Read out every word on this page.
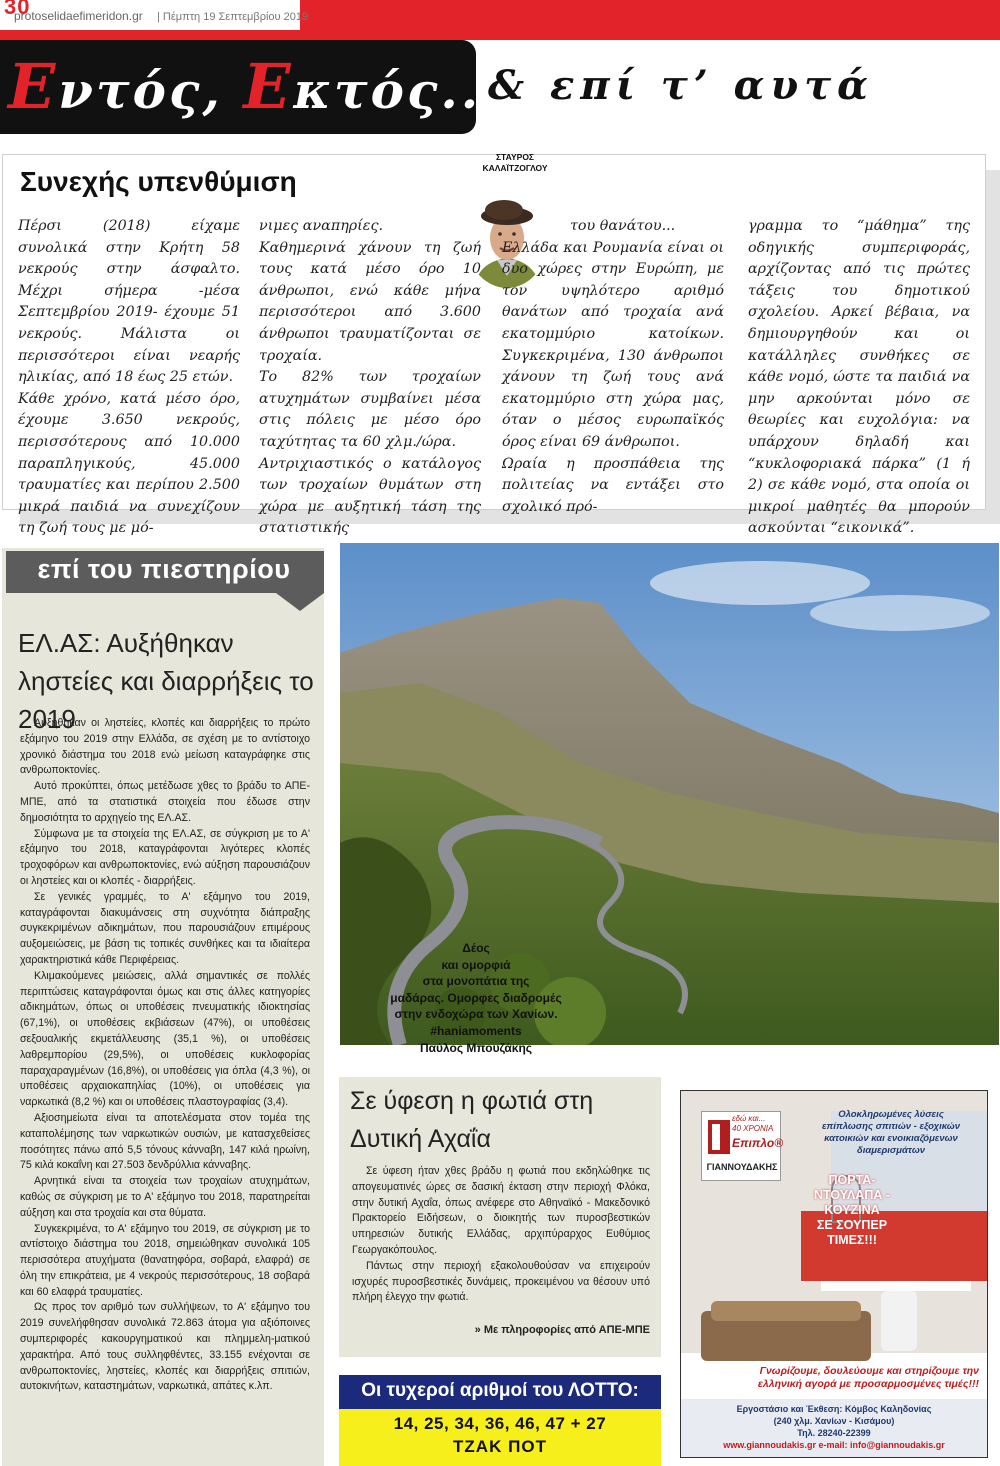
30
protoselidaefimeridon.gr | Πέμπτη 19 Σεπτεμβρίου 2019
Εντός, Εκτός...
& επί τ’ αυτά
Συνεχής υπενθύμιση
ΣΤΑΥΡΟΣ
ΚΑΛΑΪΤΖΟΓΛΟΥ

Πέρσι (2018) είχαμε συνολικά στην Κρήτη 58 νεκρούς στην άσφαλτο. Μέχρι σήμερα -μέσα Σεπτεμβρίου 2019- έχουμε 51 νεκρούς. Μάλιστα οι περισσότεροι είναι νεαρής ηλικίας, από 18 έως 25 ετών.

Κάθε χρόνο, κατά μέσο όρο, έχουμε 3.650 νεκρούς, περισσότερους από 10.000 παραπληγικούς, 45.000 τραυματίες και περίπου 2.500 μικρά παιδιά να συνεχίζουν τη ζωή τους με μό-

νιμες αναπηρίες.

Καθημερινά χάνουν τη ζωή τους κατά μέσο όρο 10 άνθρωποι, ενώ κάθε μήνα περισσότεροι από 3.600 άνθρωποι τραυματίζονται σε τροχαία.

Το 82% των τροχαίων ατυχημάτων συμβαίνει μέσα στις πόλεις με μέσο όρο ταχύτητας τα 60 χλμ./ώρα.

Αντριχιαστικός ο κατάλογος των τροχαίων θυμάτων στη χώρα με αυξητική τάση της στατιστικής

του θανάτου...

Ελλάδα και Ρουμανία είναι οι δυο χώρες στην Ευρώπη, με τον υψηλότερο αριθμό θανάτων από τροχαία ανά εκατομμύριο κατοίκων. Συγκεκριμένα, 130 άνθρωποι χάνουν τη ζωή τους ανά εκατομμύριο στη χώρα μας, όταν ο μέσος ευρωπαϊκός όρος είναι 69 άνθρωποι.

Ωραία η προσπάθεια της πολιτείας να εντάξει στο σχολικό πρό-

γραμμα το “μάθημα” της οδηγικής συμπεριφοράς, αρχίζοντας από τις πρώτες τάξεις του δημοτικού σχολείου. Αρκεί βέβαια, να δημιουργηθούν και οι κατάλληλες συνθήκες σε κάθε νομό, ώστε τα παιδιά να μην αρκούνται μόνο σε θεωρίες και ευχολόγια: να υπάρχουν δηλαδή και “κυκλοφοριακά πάρκα” (1 ή 2) σε κάθε νομό, στα οποία οι μικροί μαθητές θα μπορούν ασκούνται “εικονικά”.

επί του πιεστηρίου
ΕΛ.ΑΣ: Αυξήθηκαν ληστείες και διαρρήξεις το 2019

Αυξήθηκαν οι ληστείες, κλοπές και διαρρήξεις το πρώτο εξάμηνο του 2019 στην Ελλάδα, σε σχέση με το αντίστοιχο χρονικό διάστημα του 2018 ενώ μείωση καταγράφηκε στις ανθρωποκτονίες.

Αυτό προκύπτει, όπως μετέδωσε χθες το βράδυ το ΑΠΕ-ΜΠΕ, από τα στατιστικά στοιχεία που έδωσε στην δημοσιότητα το αρχηγείο της ΕΛ.ΑΣ.

Σύμφωνα με τα στοιχεία της ΕΛ.ΑΣ, σε σύγκριση με το Α' εξάμηνο του 2018, καταγράφονται λιγότερες κλοπές τροχοφόρων και ανθρωποκτονίες, ενώ αύξηση παρουσιάζουν οι ληστείες και οι κλοπές - διαρρήξεις.

Σε γενικές γραμμές, το Α' εξάμηνο του 2019, καταγράφονται διακυμάνσεις στη συχνότητα διάπραξης συγκεκριμένων αδικημάτων, που παρουσιάζουν επιμέρους αυξομειώσεις, με βάση τις τοπικές συνθήκες και τα ιδιαίτερα χαρακτηριστικά κάθε Περιφέρειας.

Κλιμακούμενες μειώσεις, αλλά σημαντικές σε πολλές περιπτώσεις καταγράφονται όμως και στις άλλες κατηγορίες αδικημάτων, όπως οι υποθέσεις πνευματικής ιδιοκτησίας (67,1%), οι υποθέσεις εκβιάσεων (47%), οι υποθέσεις σεξουαλικής εκμετάλλευσης (35,1 %), οι υποθέσεις λαθρεμπορίου (29,5%), οι υποθέσεις κυκλοφορίας παραχαραγμένων (16,8%), οι υποθέσεις για όπλα (4,3 %), οι υποθέσεις αρχαιοκαπηλίας (10%), οι υποθέσεις για ναρκωτικά (8,2 %) και οι υποθέσεις πλαστογραφίας (3,4).

Αξιοσημείωτα είναι τα αποτελέσματα στον τομέα της καταπολέμησης των ναρκωτικών ουσιών, με κατασχεθείσες ποσότητες πάνω από 5,5 τόνους κάνναβη, 147 κιλά ηρωίνη, 75 κιλά κοκαΐνη και 27.503 δενδρύλλια κάνναβης.

Αρνητικά είναι τα στοιχεία των τροχαίων ατυχημάτων, καθώς σε σύγκριση με το Α' εξάμηνο του 2018, παρατηρείται αύξηση και στα τροχαία και στα θύματα.

Συγκεκριμένα, το Α' εξάμηνο του 2019, σε σύγκριση με το αντίστοιχο διάστημα του 2018, σημειώθηκαν συνολικά 105 περισσότερα ατυχήματα (θανατηφόρα, σοβαρά, ελαφρά) σε όλη την επικράτεια, με 4 νεκρούς περισσότερους, 18 σοβαρά και 60 ελαφρά τραυματίες.

Ως προς τον αριθμό των συλλήψεων, το Α' εξάμηνο του 2019 συνελήφθησαν συνολικά 72.863 άτομα για αξιόποινες συμπεριφορές κακουργηματικού και πλημμελη-ματικού χαρακτήρα. Από τους συλληφθέντες, 33.155 ενέχονται σε ανθρωποκτονίες, ληστείες, κλοπές και διαρρήξεις σπιτιών, αυτοκινήτων, καταστημάτων, ναρκωτικά, απάτες κ.λπ.

Δέος
και ομορφιά
στα μονοπάτια της
μαδάρας. Ομορφες διαδρομές
στην ενδοχώρα των Χανίων.
#haniamoments
Παύλος Μπουζάκης
Σε ύφεση η φωτιά στη Δυτική Αχαΐα

Σε ύφεση ήταν χθες βράδυ η φωτιά που εκδηλώθηκε τις απογευματινές ώρες σε δασική έκταση στην περιοχή Φλόκα, στην δυτική Αχαΐα, όπως ανέφερε στο Αθηναϊκό - Μακεδονικό Πρακτορείο Ειδήσεων, ο διοικητής των πυροσβεστικών υπηρεσιών δυτικής Ελλάδας, αρχιπύραρχος Ευθύμιος Γεωργακόπουλος.

Πάντως στην περιοχή εξακολουθούσαν να επιχειρούν ισχυρές πυροσβεστικές δυνάμεις, προκειμένου να θέσουν υπό πλήρη έλεγχο την φωτιά.

» Με πληροφορίες από ΑΠΕ-ΜΠΕ
Οι τυχεροί αριθμοί του ΛΟΤΤΟ:
14, 25, 34, 36, 46, 47 + 27
ΤΖΑΚ ΠΟΤ
εδώ και...
40 ΧΡΟΝΙΑ
Επιπλο®
ΓΙΑΝΝΟΥΔΑΚΗΣ
Ολοκληρωμένες λύσεις
επίπλωσης σπιτιών - εξοχικών
κατοικιών και ενοικιαζόμενων
διαμερισμάτων
ΠΟΡΤΑ-
ΝΤΟΥΛΑΠΑ -
ΚΟΥΖΙΝΑ
ΣΕ ΣΟΥΠΕΡ
ΤΙΜΕΣ!!!
Γνωρίζουμε, δουλεύουμε και στηρίζουμε την
ελληνική αγορά με προσαρμοσμένες τιμές!!!
Εργοστάσιο και Έκθεση: Κόμβος Καληδονίας
(240 χλμ. Χανίων - Κισάμου)
Τηλ. 28240-22399
www.giannoudakis.gr e-mail: info@giannoudakis.gr
